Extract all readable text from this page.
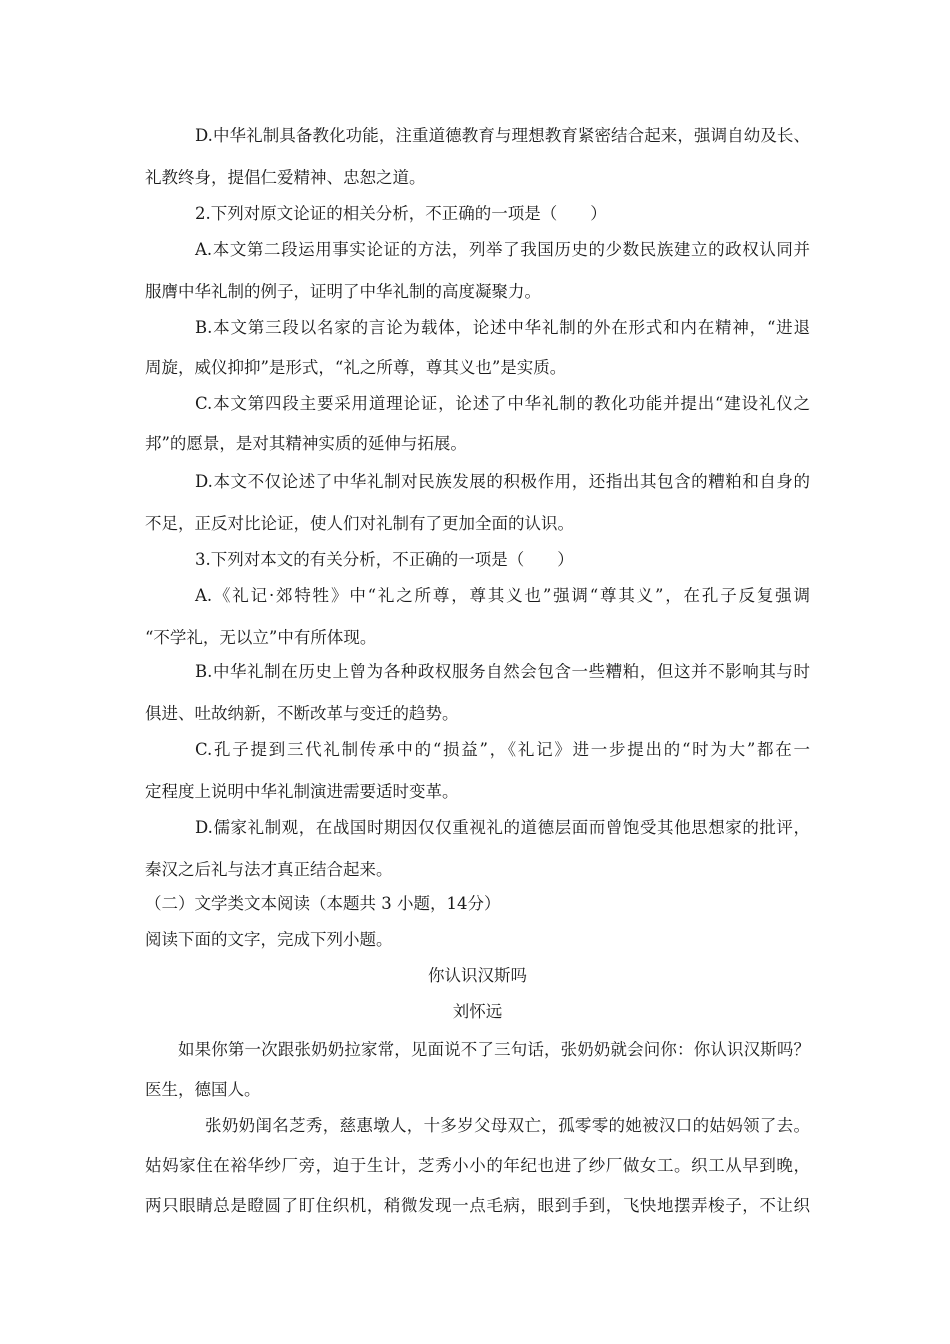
D.中华礼制具备教化功能，注重道德教育与理想教育紧密结合起来，强调自幼及长、
礼教终身，提倡仁爱精神、忠恕之道。
2.下列对原文论证的相关分析，不正确的一项是（　　）
A.本文第二段运用事实论证的方法，列举了我国历史的少数民族建立的政权认同并
服膺中华礼制的例子，证明了中华礼制的高度凝聚力。
B.本文第三段以名家的言论为载体，论述中华礼制的外在形式和内在精神，“进退
周旋，威仪抑抑”是形式，“礼之所尊，尊其义也”是实质。
C.本文第四段主要采用道理论证，论述了中华礼制的教化功能并提出“建设礼仪之
邦”的愿景，是对其精神实质的延伸与拓展。
D.本文不仅论述了中华礼制对民族发展的积极作用，还指出其包含的糟粕和自身的
不足，正反对比论证，使人们对礼制有了更加全面的认识。
3.下列对本文的有关分析，不正确的一项是（　　）
A.《礼记·郊特牲》中“礼之所尊，尊其义也”强调“尊其义”，在孔子反复强调
“不学礼，无以立”中有所体现。
B.中华礼制在历史上曾为各种政权服务自然会包含一些糟粕，但这并不影响其与时
俱进、吐故纳新，不断改革与变迁的趋势。
C.孔子提到三代礼制传承中的“损益”，《礼记》进一步提出的“时为大”都在一
定程度上说明中华礼制演进需要适时变革。
D.儒家礼制观，在战国时期因仅仅重视礼的道德层面而曾饱受其他思想家的批评，
秦汉之后礼与法才真正结合起来。
（二）文学类文本阅读（本题共 3 小题，14分）
阅读下面的文字，完成下列小题。
你认识汉斯吗
刘怀远
如果你第一次跟张奶奶拉家常，见面说不了三句话，张奶奶就会问你：你认识汉斯吗？
医生，德国人。
张奶奶闺名芝秀，慈惠墩人，十多岁父母双亡，孤零零的她被汉口的姑妈领了去。
姑妈家住在裕华纱厂旁，迫于生计，芝秀小小的年纪也进了纱厂做女工。织工从早到晚，
两只眼睛总是瞪圆了盯住织机，稍微发现一点毛病，眼到手到，飞快地摆弄梭子，不让织
